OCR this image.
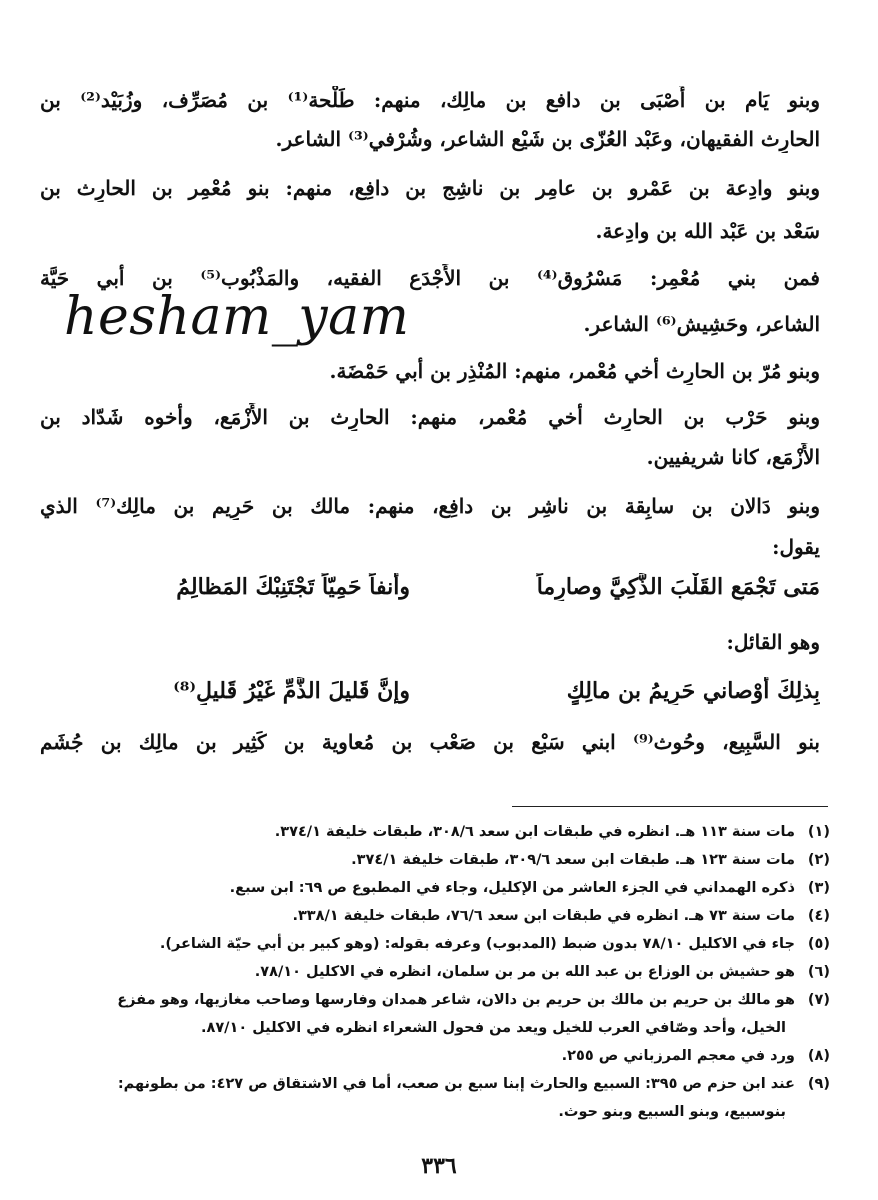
وبنو يَام بن أَصْبَى بن دافع بن مالِك، منهم: طَلْحة⁽¹⁾ بن مُصَرِّف، وزُبَيْد⁽²⁾ بن
الحارِث الفقيهان، وعَبْد العُزّى بن شَيْع الشاعر، وشُرْفي⁽³⁾ الشاعر.
وبنو وادِعة بن عَمْرو بن عامِر بن ناشِج بن دافِع، منهم: بنو مُعْمِر بن الحارِث بن
سَعْد بن عَبْد الله بن وادِعة.
فمن بني مُعْمِر: مَسْرُوق⁽⁴⁾ بن الأَجْدَع الفقيه، والمَذْبُوب⁽⁵⁾ بن أبي حَيَّة
الشاعر، وحَشِيش⁽⁶⁾ الشاعر.
وبنو مُرّ بن الحارِث أخي مُعْمر، منهم: المُنْذِر بن أبي حَمْضَة.
وبنو حَرْب بن الحارِث أخي مُعْمر، منهم: الحارِث بن الأَزْمَع، وأخوه شَدّاد بن
الأَزْمَع، كانا شريفيين.
وبنو دَالان بن سابِقة بن ناشِر بن دافِع، منهم: مالك بن حَرِيم بن مالِك⁽⁷⁾ الذي
يقول:
وأَنفاً حَمِيّاً تَجْتَنِبْكَ المَظالِمُ	مَتى تَجْمَعِ القَلْبَ الذَّكِيَّ وصارِماً
وهو القائل:
وإنَّ قَليلَ الذَّمِّ غَيْرُ قَليلِ⁽⁸⁾	بِذلِكَ أَوْصاني حَرِيمُ بن مالِكٍ
بنو السَّبِيع، وحُوث⁽⁹⁾ ابني سَبْع بن صَعْب بن مُعاوية بن كَثِير بن مالِك بن جُشَم
hesham_yam
(١) مات سنة ١١٣ هـ. انظره في طبقات ابن سعد ٣٠٨/٦، طبقات خليفة ٣٧٤/١.
(٢) مات سنة ١٢٣ هـ. طبقات ابن سعد ٣٠٩/٦، طبقات خليفة ٣٧٤/١.
(٣) ذكره الهمداني في الجزء العاشر من الإكليل، وجاء في المطبوع ص ٦٩: ابن سبع.
(٤) مات سنة ٧٣ هـ. انظره في طبقات ابن سعد ٧٦/٦، طبقات خليفة ٣٣٨/١.
(٥) جاء في الاكليل ٧٨/١٠ بدون ضبط (المدبوب) وعرفه بقوله: (وهو كبير بن أبي حيّة الشاعر).
(٦) هو حشيش بن الوزاع بن عبد الله بن مر بن سلمان، انظره في الاكليل ٧٨/١٠.
(٧) هو مالك بن حريم بن مالك بن حريم بن دالان، شاعر همدان وفارسها وصاحب مغازيها، وهو مفزع
الخيل، وأحد وصّافي العرب للخيل ويعد من فحول الشعراء انظره في الاكليل ٨٧/١٠.
(٨) ورد في معجم المرزباني ص ٢٥٥.
(٩) عند ابن حزم ص ٣٩٥: السبيع والحارث إبنا سبع بن صعب، أما في الاشتقاق ص ٤٢٧: من بطونهم:
بنوسبيع، وبنو السبيع وبنو حوث.
٣٣٦
